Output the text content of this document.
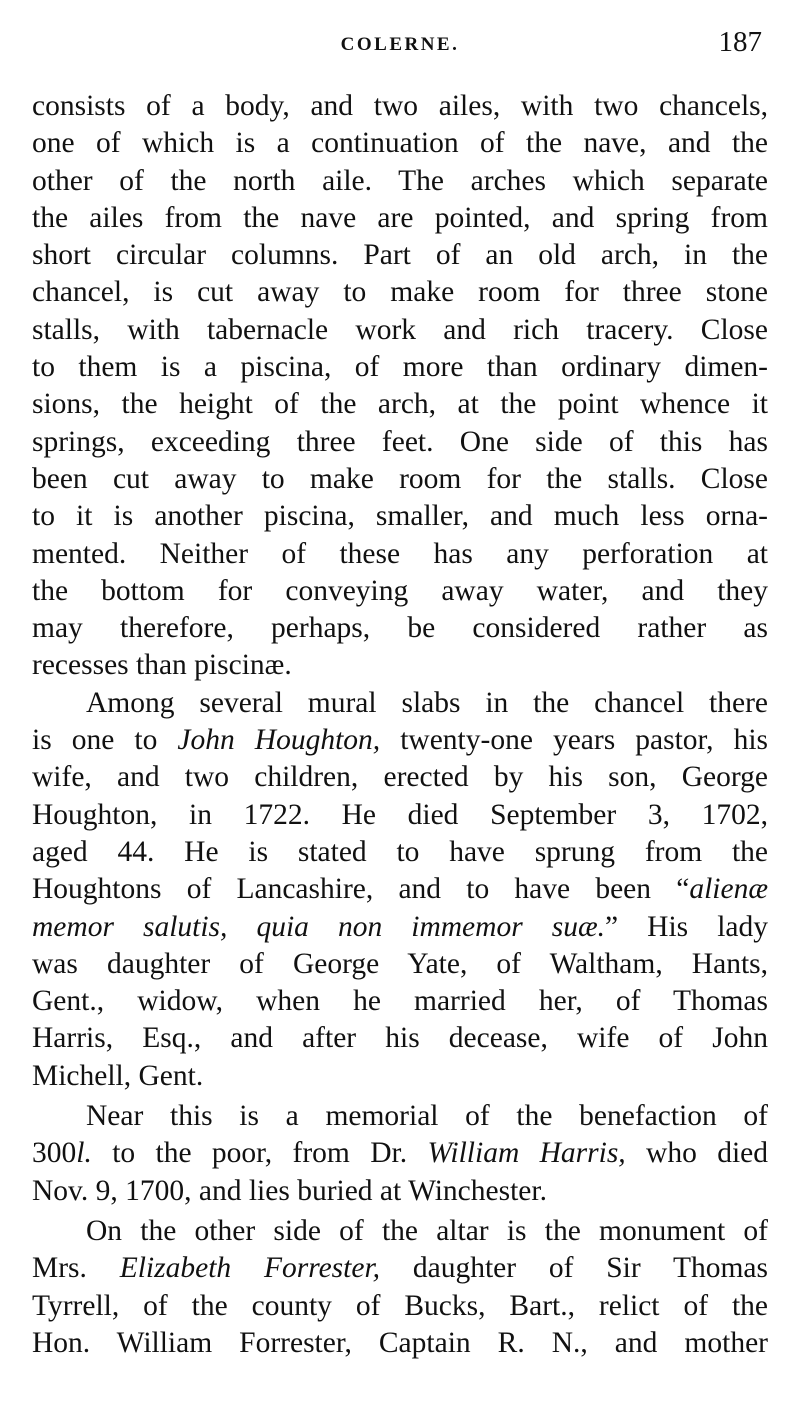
COLERNE.	187

consists of a body, and two ailes, with two chancels,
one of which is a continuation of the nave, and the
other of the north aile. The arches which separate
the ailes from the nave are pointed, and spring from
short circular columns. Part of an old arch, in the
chancel, is cut away to make room for three stone
stalls, with tabernacle work and rich tracery. Close
to them is a piscina, of more than ordinary dimen-
sions, the height of the arch, at the point whence it
springs, exceeding three feet. One side of this has
been cut away to make room for the stalls. Close
to it is another piscina, smaller, and much less orna-
mented. Neither of these has any perforation at
the bottom for conveying away water, and they
may therefore, perhaps, be considered rather as
recesses than piscinæ.

Among several mural slabs in the chancel there
is one to John Houghton, twenty-one years pastor, his
wife, and two children, erected by his son, George
Houghton, in 1722. He died September 3, 1702,
aged 44. He is stated to have sprung from the
Houghtons of Lancashire, and to have been “alienæ
memor salutis, quia non immemor suæ.” His lady
was daughter of George Yate, of Waltham, Hants,
Gent., widow, when he married her, of Thomas
Harris, Esq., and after his decease, wife of John
Michell, Gent.

Near this is a memorial of the benefaction of
300l. to the poor, from Dr. William Harris, who died
Nov. 9, 1700, and lies buried at Winchester.

On the other side of the altar is the monument of
Mrs. Elizabeth Forrester, daughter of Sir Thomas
Tyrrell, of the county of Bucks, Bart., relict of the
Hon. William Forrester, Captain R. N., and mother
